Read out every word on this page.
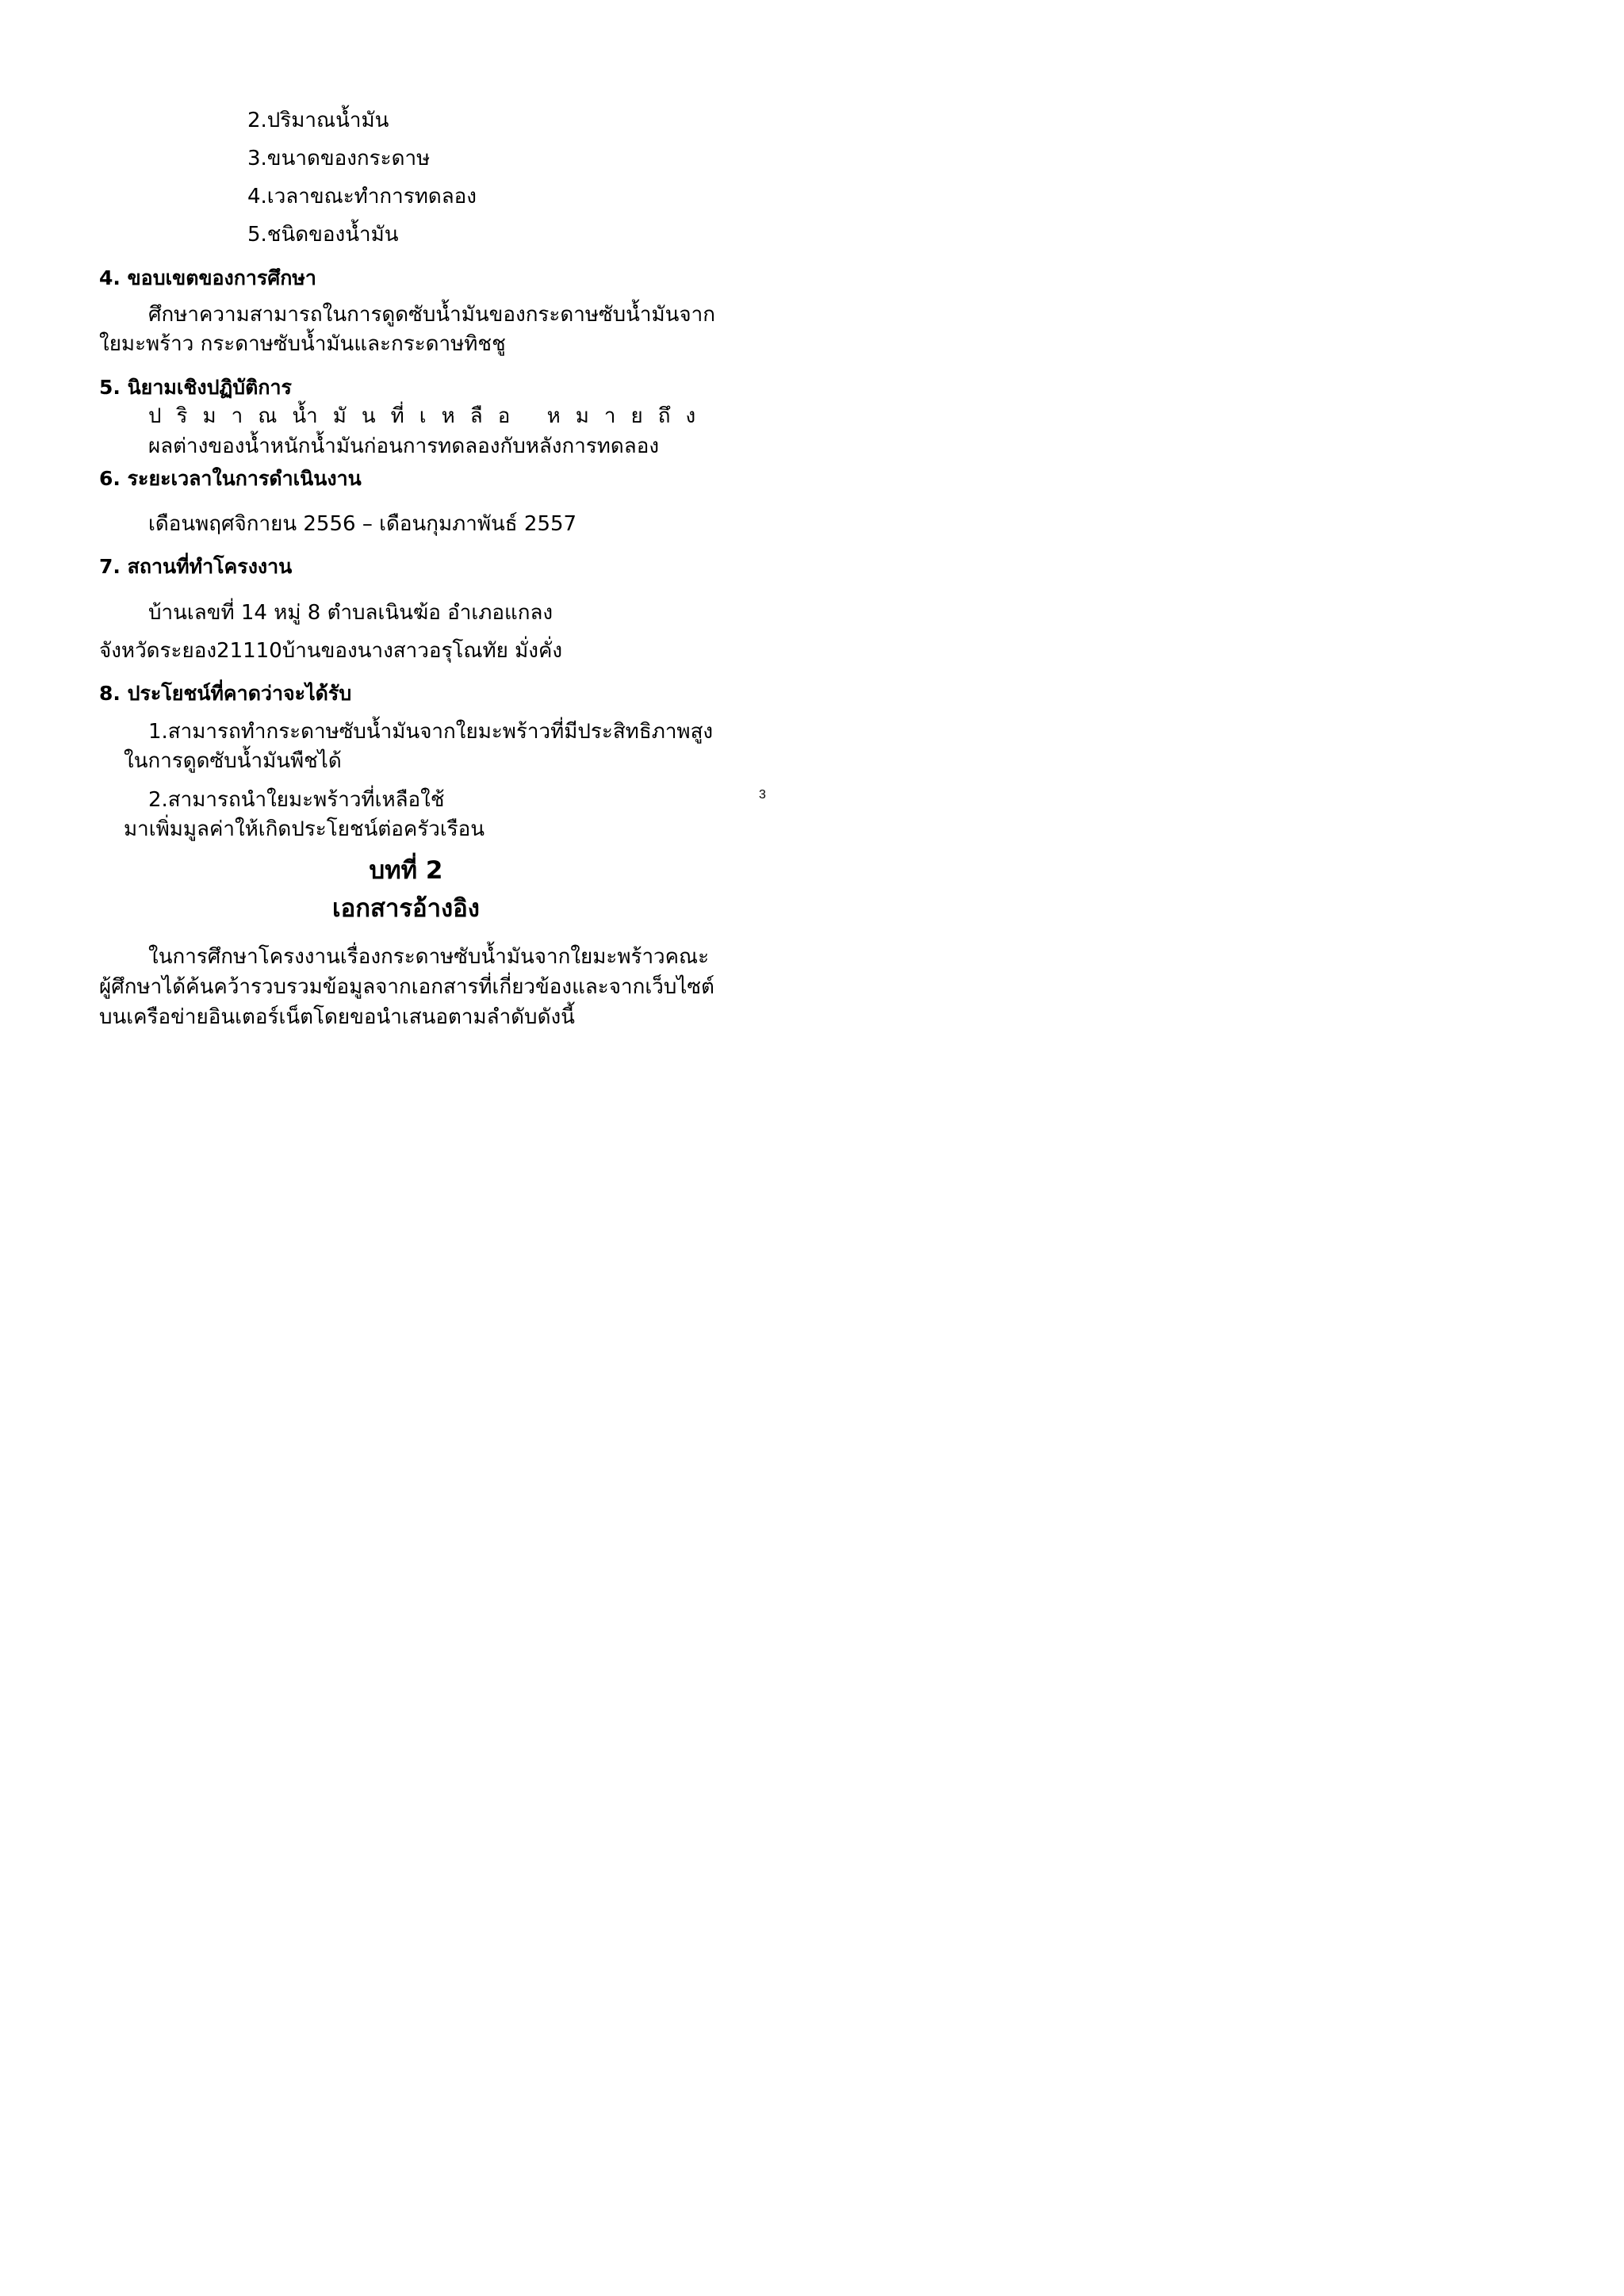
2.ปริมาณน้ำมัน

3.ขนาดของกระดาษ

4.เวลาขณะทำการทดลอง

5.ชนิดของน้ำมัน

4. ขอบเขตของการศึกษา

ศึกษาความสามารถในการดูดซับน้ำมันของกระดาษซับน้ำมันจาก

ใยมะพร้าว กระดาษซับน้ำมันและกระดาษทิชชู

5. นิยามเชิงปฏิบัติการ

ปริมาณน้ำมันที่เหลือ หมายถึง

ผลต่างของน้ำหนักน้ำมันก่อนการทดลองกับหลังการทดลอง

6. ระยะเวลาในการดำเนินงาน

เดือนพฤศจิกายน 2556 – เดือนกุมภาพันธ์ 2557

7. สถานที่ทำโครงงาน

บ้านเลขที่ 14 หมู่ 8 ตำบลเนินฆ้อ อำเภอแกลง

จังหวัดระยอง21110บ้านของนางสาวอรุโณทัย มั่งคั่ง

8. ประโยชน์ที่คาดว่าจะได้รับ

1.สามารถทำกระดาษซับน้ำมันจากใยมะพร้าวที่มีประสิทธิภาพสูง

ในการดูดซับน้ำมันพืชได้

2.สามารถนำใยมะพร้าวที่เหลือใช้

มาเพิ่มมูลค่าให้เกิดประโยชน์ต่อครัวเรือน

3
บทที่ 2
เอกสารอ้างอิง

ในการศึกษาโครงงานเรื่องกระดาษซับน้ำมันจากใยมะพร้าวคณะ

ผู้ศึกษาได้ค้นคว้ารวบรวมข้อมูลจากเอกสารที่เกี่ยวข้องและจากเว็บไซต์

บนเครือข่ายอินเตอร์เน็ตโดยขอนำเสนอตามลำดับดังนี้
